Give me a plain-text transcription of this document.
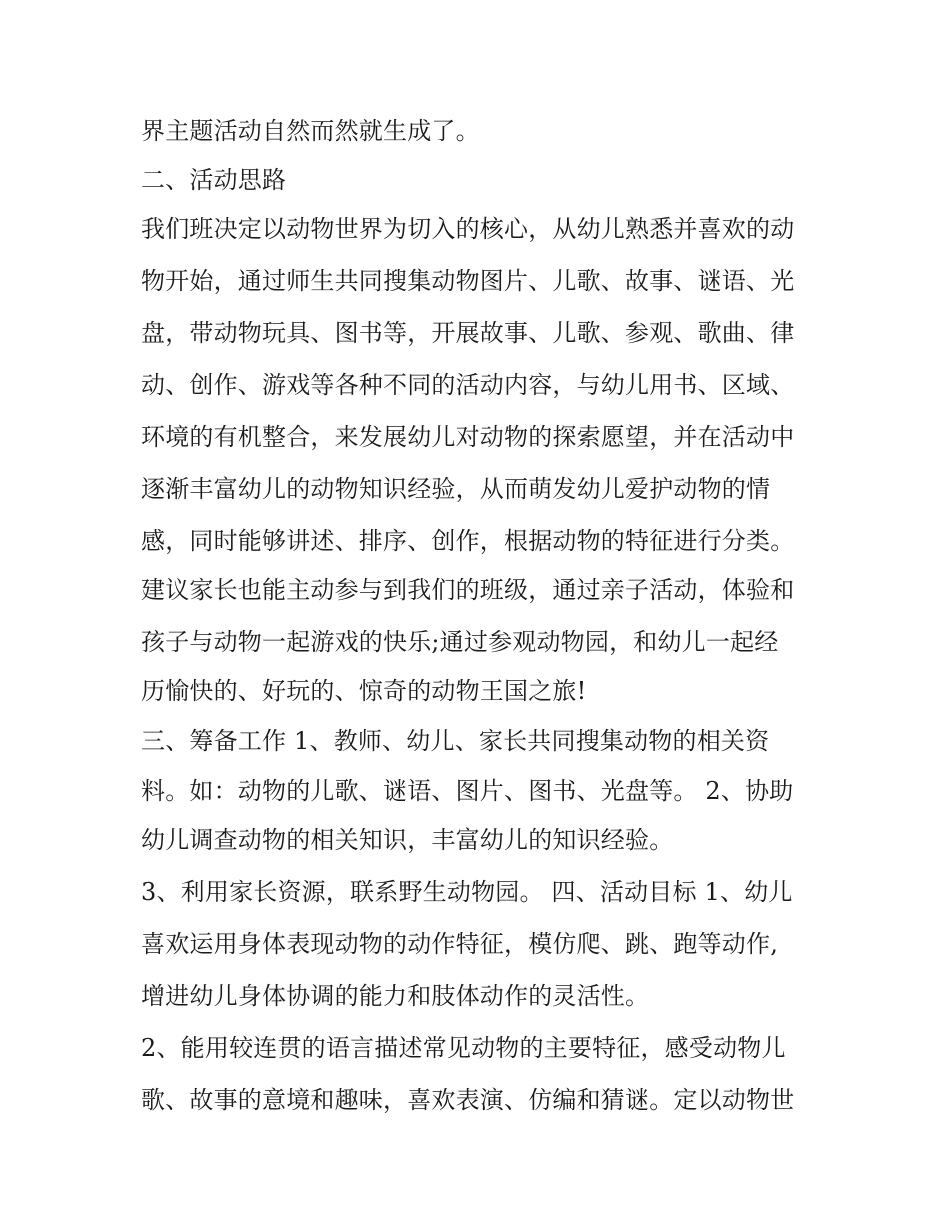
界主题活动自然而然就生成了。
二、活动思路
我们班决定以动物世界为切入的核心，从幼儿熟悉并喜欢的动
物开始，通过师生共同搜集动物图片、儿歌、故事、谜语、光
盘，带动物玩具、图书等，开展故事、儿歌、参观、歌曲、律
动、创作、游戏等各种不同的活动内容，与幼儿用书、区域、
环境的有机整合，来发展幼儿对动物的探索愿望，并在活动中
逐渐丰富幼儿的动物知识经验，从而萌发幼儿爱护动物的情
感，同时能够讲述、排序、创作，根据动物的特征进行分类。
建议家长也能主动参与到我们的班级，通过亲子活动，体验和
孩子与动物一起游戏的快乐;通过参观动物园，和幼儿一起经
历愉快的、好玩的、惊奇的动物王国之旅!
三、筹备工作 1、教师、幼儿、家长共同搜集动物的相关资
料。如：动物的儿歌、谜语、图片、图书、光盘等。 2、协助
幼儿调查动物的相关知识，丰富幼儿的知识经验。
3、利用家长资源，联系野生动物园。 四、活动目标 1、幼儿
喜欢运用身体表现动物的动作特征，模仿爬、跳、跑等动作,
增进幼儿身体协调的能力和肢体动作的灵活性。
2、能用较连贯的语言描述常见动物的主要特征，感受动物儿
歌、故事的意境和趣味，喜欢表演、仿编和猜谜。定以动物世
